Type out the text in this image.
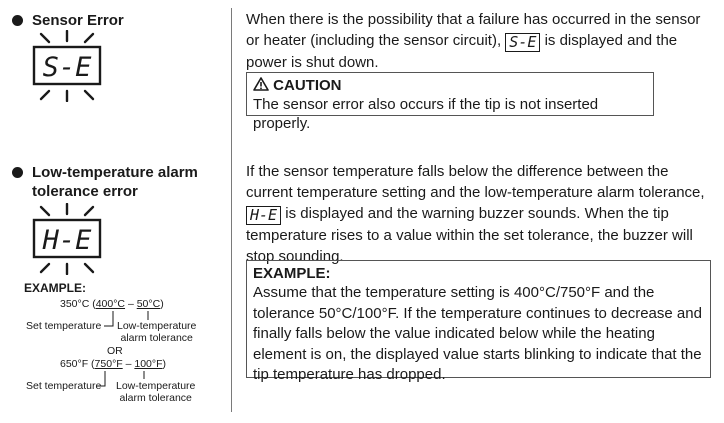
Sensor Error
S-E
When there is the possibility that a failure has occurred in the sensor or heater (including the sensor circuit), S-E is displayed and the power is shut down.
CAUTION
The sensor error also occurs if the tip is not inserted properly.
Low-temperature alarm
tolerance error
H-E
EXAMPLE:
350°C (400°C – 50°C)
Set temperature Low-temperature
alarm tolerance
OR
650°F (750°F – 100°F)
Set temperature Low-temperature
alarm tolerance
If the sensor temperature falls below the difference between the current temperature setting and the low-temperature alarm tolerance, H-E is displayed and the warning buzzer sounds. When the tip temperature rises to a value within the set tolerance, the buzzer will stop sounding.
EXAMPLE:
Assume that the temperature setting is 400°C/750°F and the tolerance 50°C/100°F. If the temperature continues to decrease and finally falls below the value indicated below while the heating element is on, the displayed value starts blinking to indicate that the tip temperature has dropped.
